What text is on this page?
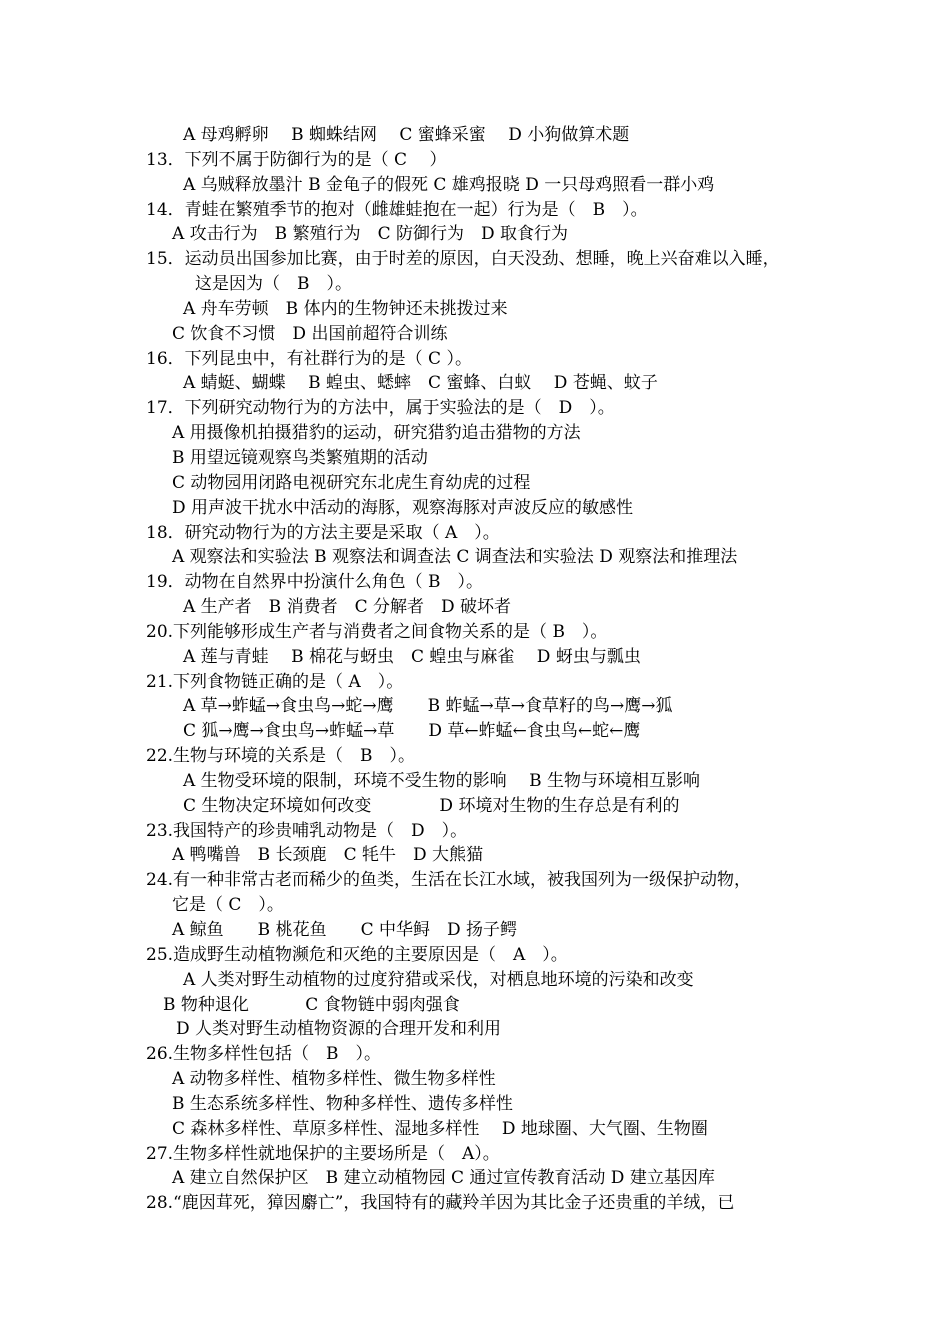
A 母鸡孵卵　 B 蜘蛛结网　 C 蜜蜂采蜜　 D 小狗做算术题
13．下列不属于防御行为的是（ C　 ）
A 乌贼释放墨汁 B 金龟子的假死 C 雄鸡报晓 D 一只母鸡照看一群小鸡
14．青蛙在繁殖季节的抱对（雌雄蛙抱在一起）行为是（　B　）。
A 攻击行为　B 繁殖行为　C 防御行为　D 取食行为
15．运动员出国参加比赛，由于时差的原因，白天没劲、想睡，晚上兴奋难以入睡，
这是因为（　B　）。
A 舟车劳顿　B 体内的生物钟还未挑拨过来
C 饮食不习惯　D 出国前超符合训练
16．下列昆虫中，有社群行为的是（ C ）。
A 蜻蜓、蝴蝶　 B 蝗虫、蟋蟀　C 蜜蜂、白蚁　 D 苍蝇、蚊子
17．下列研究动物行为的方法中，属于实验法的是（　D　）。
A 用摄像机拍摄猎豹的运动，研究猎豹追击猎物的方法
B 用望远镜观察鸟类繁殖期的活动
C 动物园用闭路电视研究东北虎生育幼虎的过程
D 用声波干扰水中活动的海豚，观察海豚对声波反应的敏感性
18．研究动物行为的方法主要是采取（ A　）。
A 观察法和实验法 B 观察法和调查法 C 调查法和实验法 D 观察法和推理法
19．动物在自然界中扮演什么角色（ B　）。
A 生产者　B 消费者　C 分解者　D 破坏者
20.下列能够形成生产者与消费者之间食物关系的是（ B　）。
A 莲与青蛙　 B 棉花与蚜虫　C 蝗虫与麻雀　 D 蚜虫与瓢虫
21.下列食物链正确的是（ A　）。
A 草→蚱蜢→食虫鸟→蛇→鹰　　B 蚱蜢→草→食草籽的鸟→鹰→狐
C 狐→鹰→食虫鸟→蚱蜢→草　　D 草←蚱蜢←食虫鸟←蛇←鹰
22.生物与环境的关系是（　B　）。
A 生物受环境的限制，环境不受生物的影响　 B 生物与环境相互影响
C 生物决定环境如何改变　　　　D 环境对生物的生存总是有利的
23.我国特产的珍贵哺乳动物是（　D　）。
A 鸭嘴兽　B 长颈鹿　C 牦牛　D 大熊猫
24.有一种非常古老而稀少的鱼类，生活在长江水域，被我国列为一级保护动物，
它是（ C　）。
A 鲸鱼　　B 桃花鱼　　C 中华鲟　D 扬子鳄
25.造成野生动植物濒危和灭绝的主要原因是（　A　）。
A 人类对野生动植物的过度狩猎或采伐，对栖息地环境的污染和改变
B 物种退化　　　 C 食物链中弱肉强食
D 人类对野生动植物资源的合理开发和利用
26.生物多样性包括（　B　）。
A 动物多样性、植物多样性、微生物多样性
B 生态系统多样性、物种多样性、遗传多样性
C 森林多样性、草原多样性、湿地多样性　 D 地球圈、大气圈、生物圈
27.生物多样性就地保护的主要场所是（　A）。
A 建立自然保护区　B 建立动植物园 C 通过宣传教育活动 D 建立基因库
28.“鹿因茸死，獐因麝亡”，我国特有的藏羚羊因为其比金子还贵重的羊绒，已
